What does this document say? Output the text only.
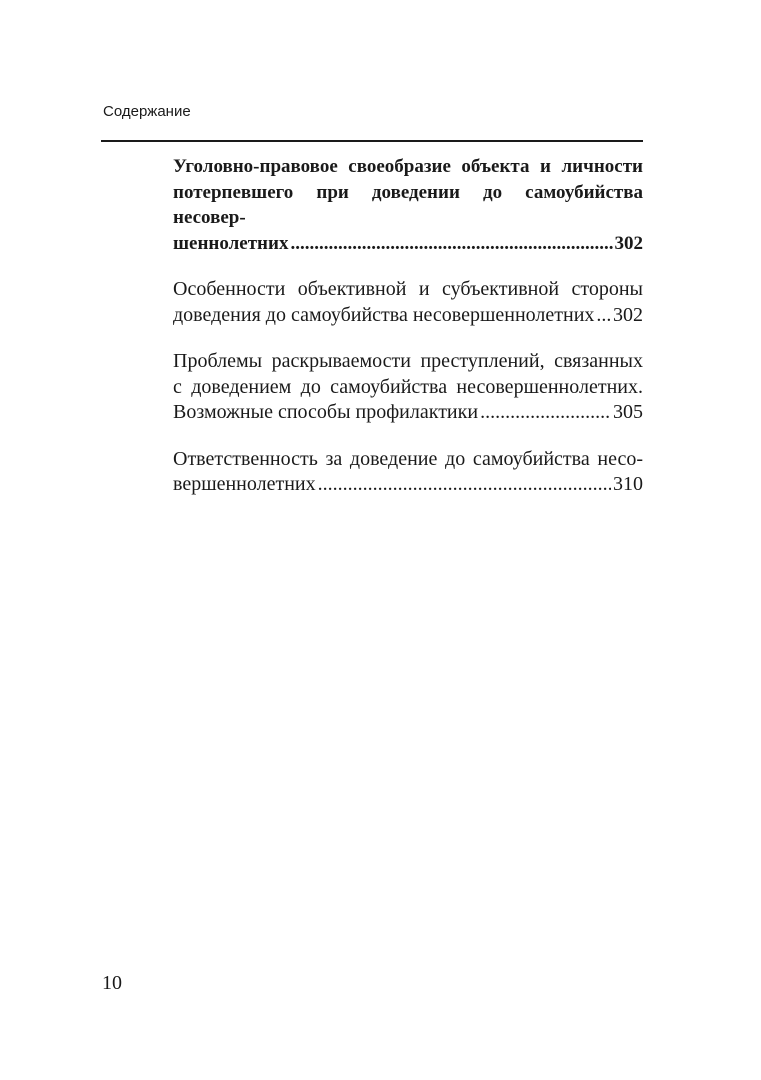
Содержание
Уголовно-правовое своеобразие объекта и личности
потерпевшего при доведении до самоубийства несовер-
шеннолетних .....	302
Особенности объективной и субъективной стороны
доведения до самоубийства несовершеннолетних ..... 302
Проблемы раскрываемости преступлений, связанных
с доведением до самоубийства несовершеннолетних.
Возможные способы профилактики .....	305
Ответственность за доведение до самоубийства несо-
вершеннолетних .....	310
10
